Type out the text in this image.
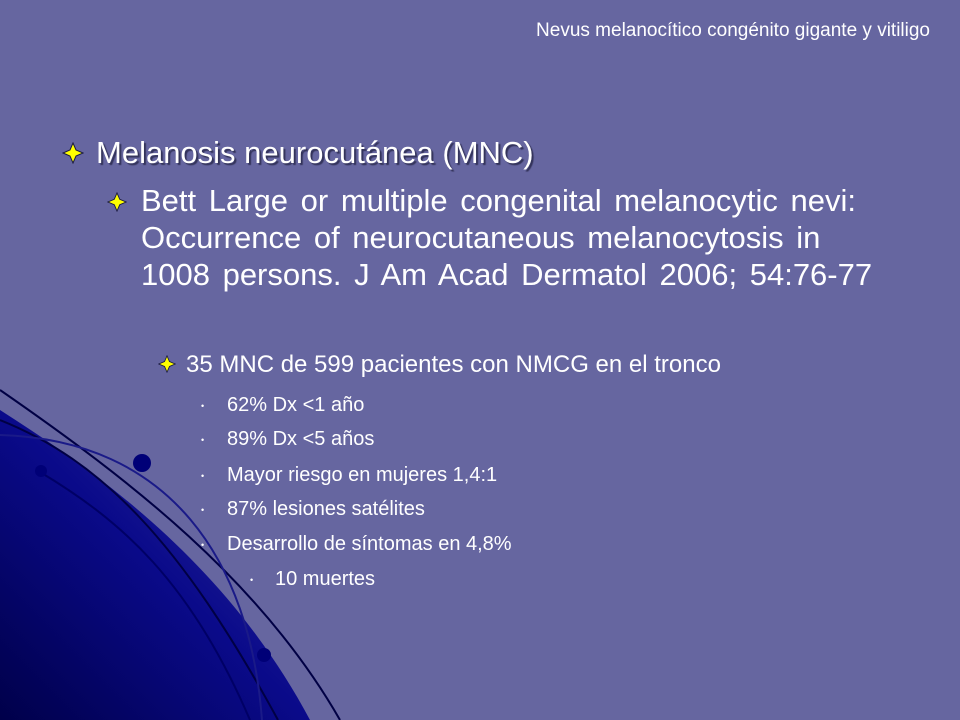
Nevus melanocítico congénito gigante y vitiligo
Melanosis neurocutánea (MNC)
Bett Large or multiple congenital melanocytic nevi: Occurrence of neurocutaneous melanocytosis in 1008 persons. J Am Acad Dermatol 2006; 54:76-77
35 MNC de 599 pacientes con NMCG en el tronco
• 62% Dx <1 año
• 89% Dx <5 años
• Mayor riesgo en mujeres 1,4:1
• 87% lesiones satélites
• Desarrollo de síntomas en 4,8%
• 10 muertes
